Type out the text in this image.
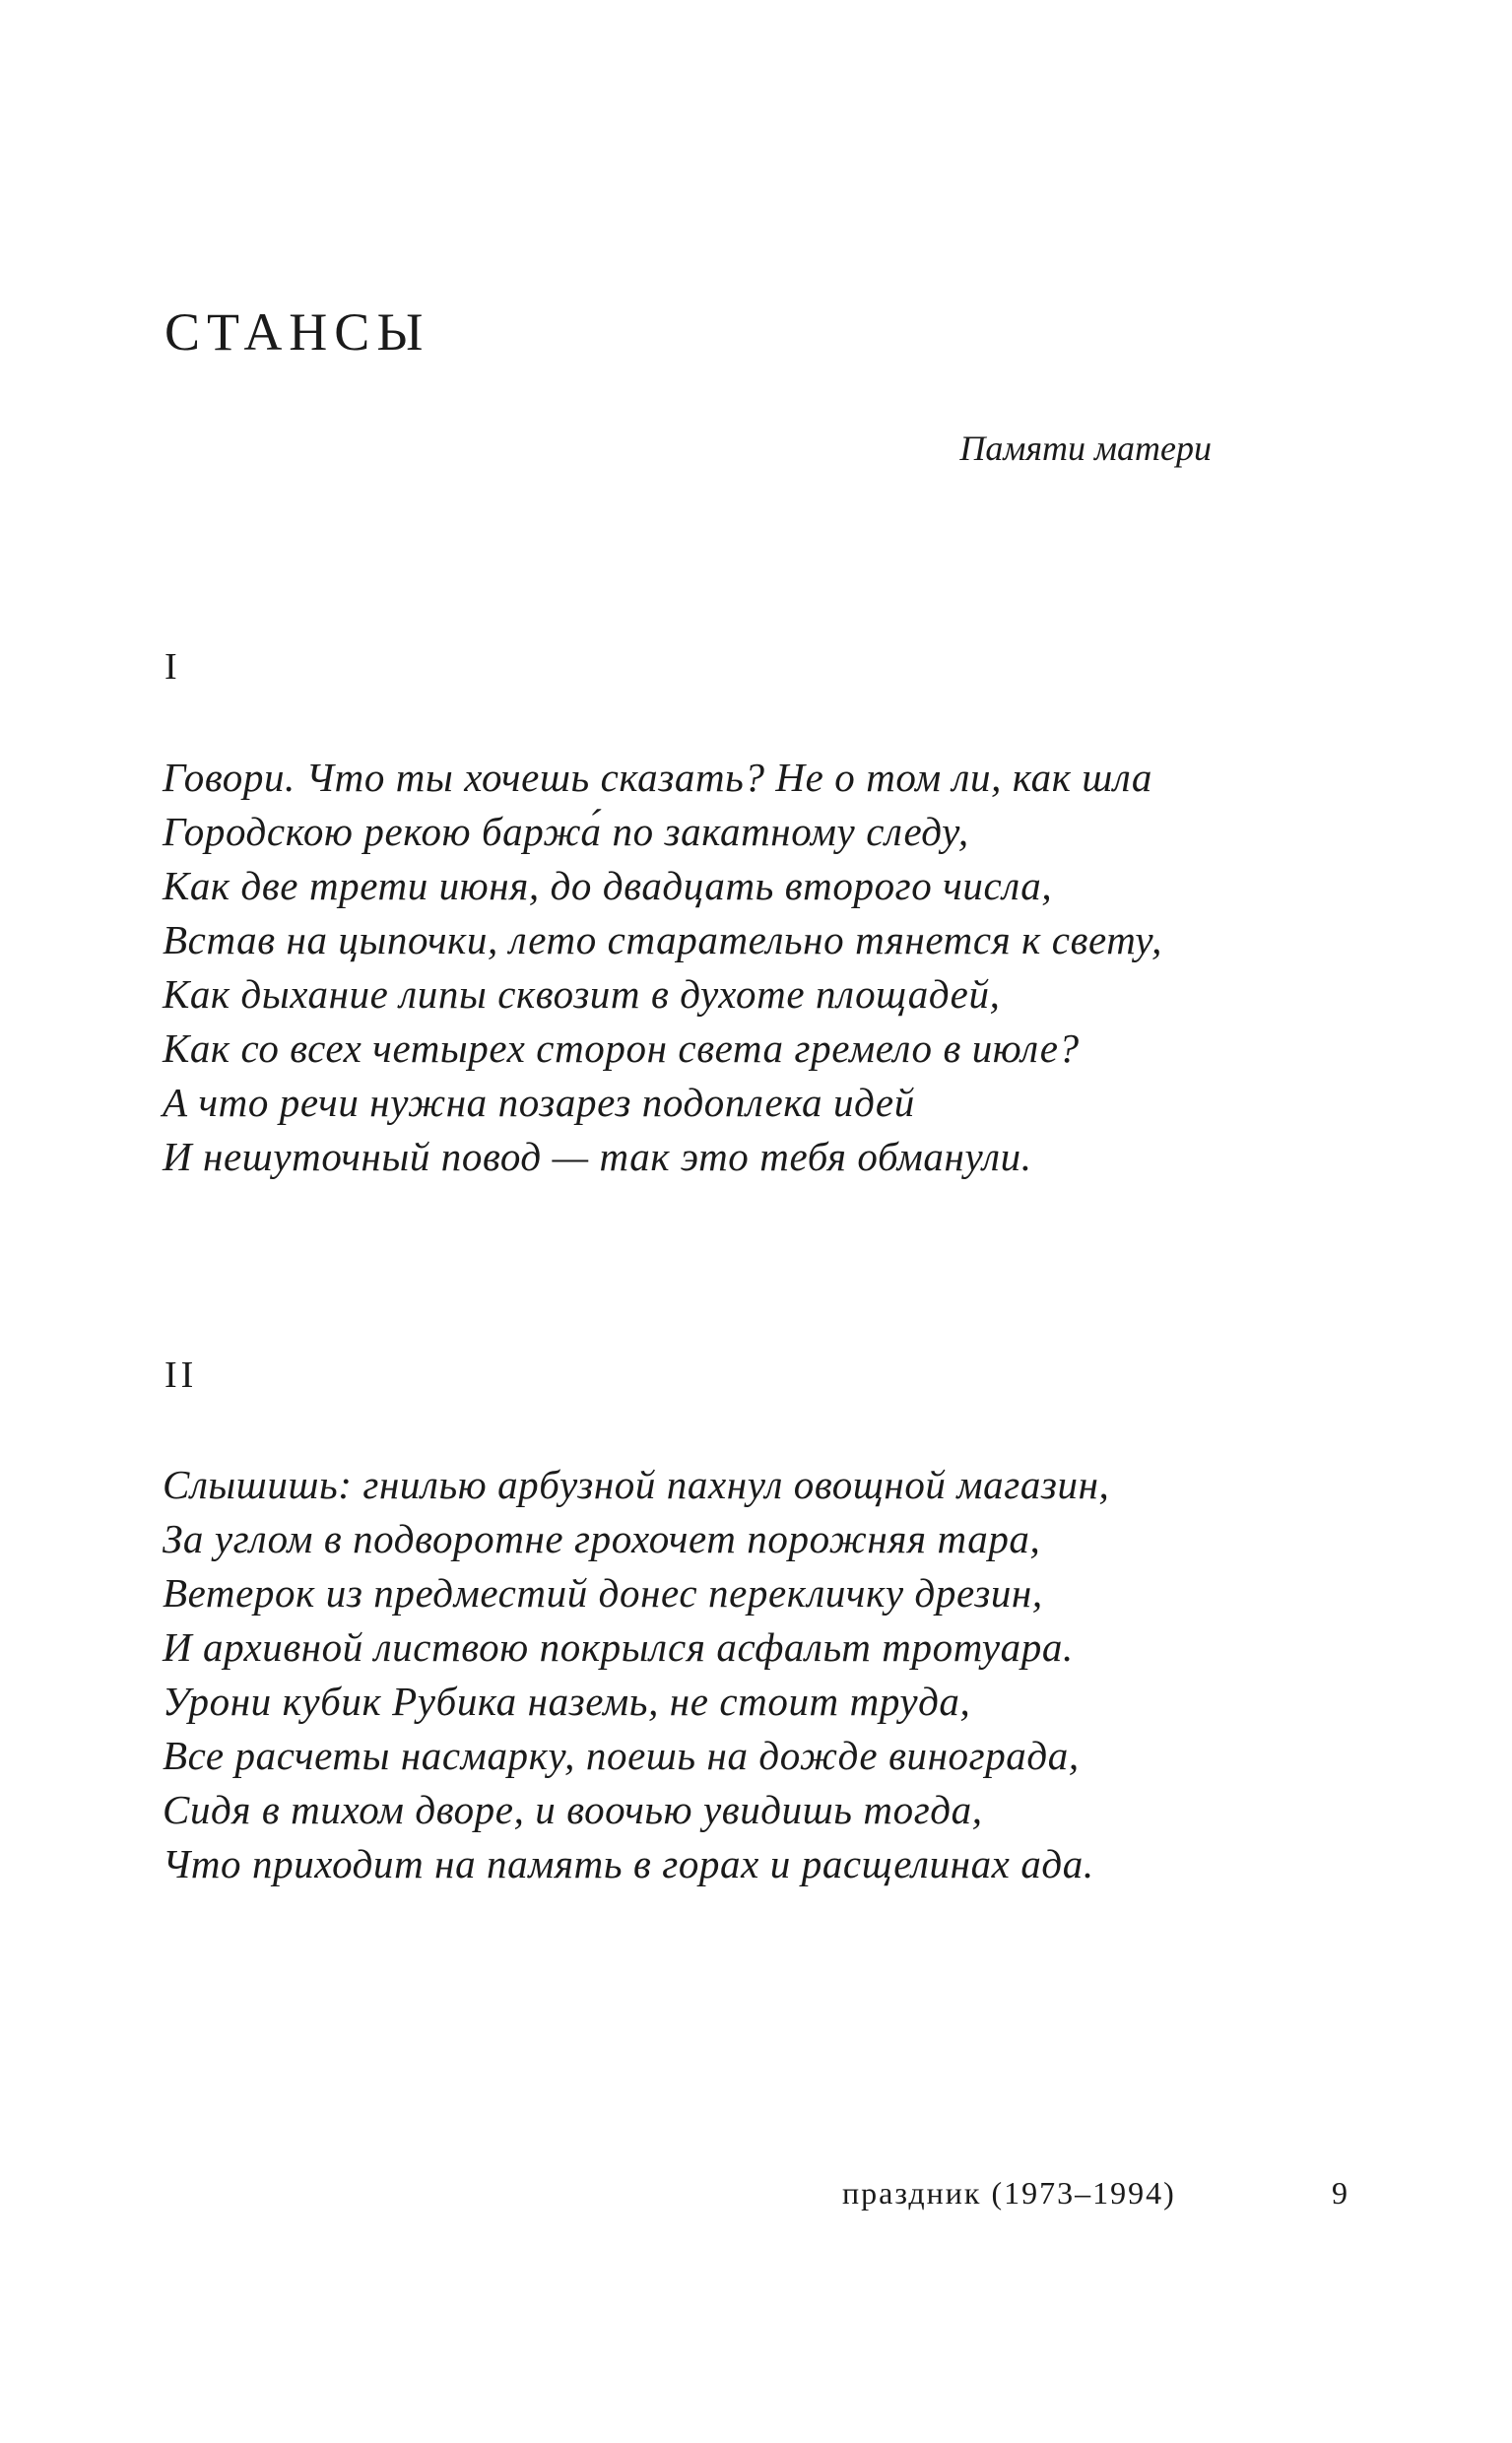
СТАНСЫ
Памяти матери
I
Говори. Что ты хочешь сказать? Не о том ли, как шла
Городскою рекою баржа́ по закатному следу,
Как две трети июня, до двадцать второго числа,
Встав на цыпочки, лето старательно тянется к свету,
Как дыхание липы сквозит в духоте площадей,
Как со всех четырех сторон света гремело в июле?
А что речи нужна позарез подоплека идей
И нешуточный повод — так это тебя обманули.
II
Слышишь: гнилью арбузной пахнул овощной магазин,
За углом в подворотне грохочет порожняя тара,
Ветерок из предместий донес перекличку дрезин,
И архивной листвою покрылся асфальт тротуара.
Урони кубик Рубика наземь, не стоит труда,
Все расчеты насмарку, поешь на дожде винограда,
Сидя в тихом дворе, и воочью увидишь тогда,
Что приходит на память в горах и расщелинах ада.
праздник (1973–1994)	9
